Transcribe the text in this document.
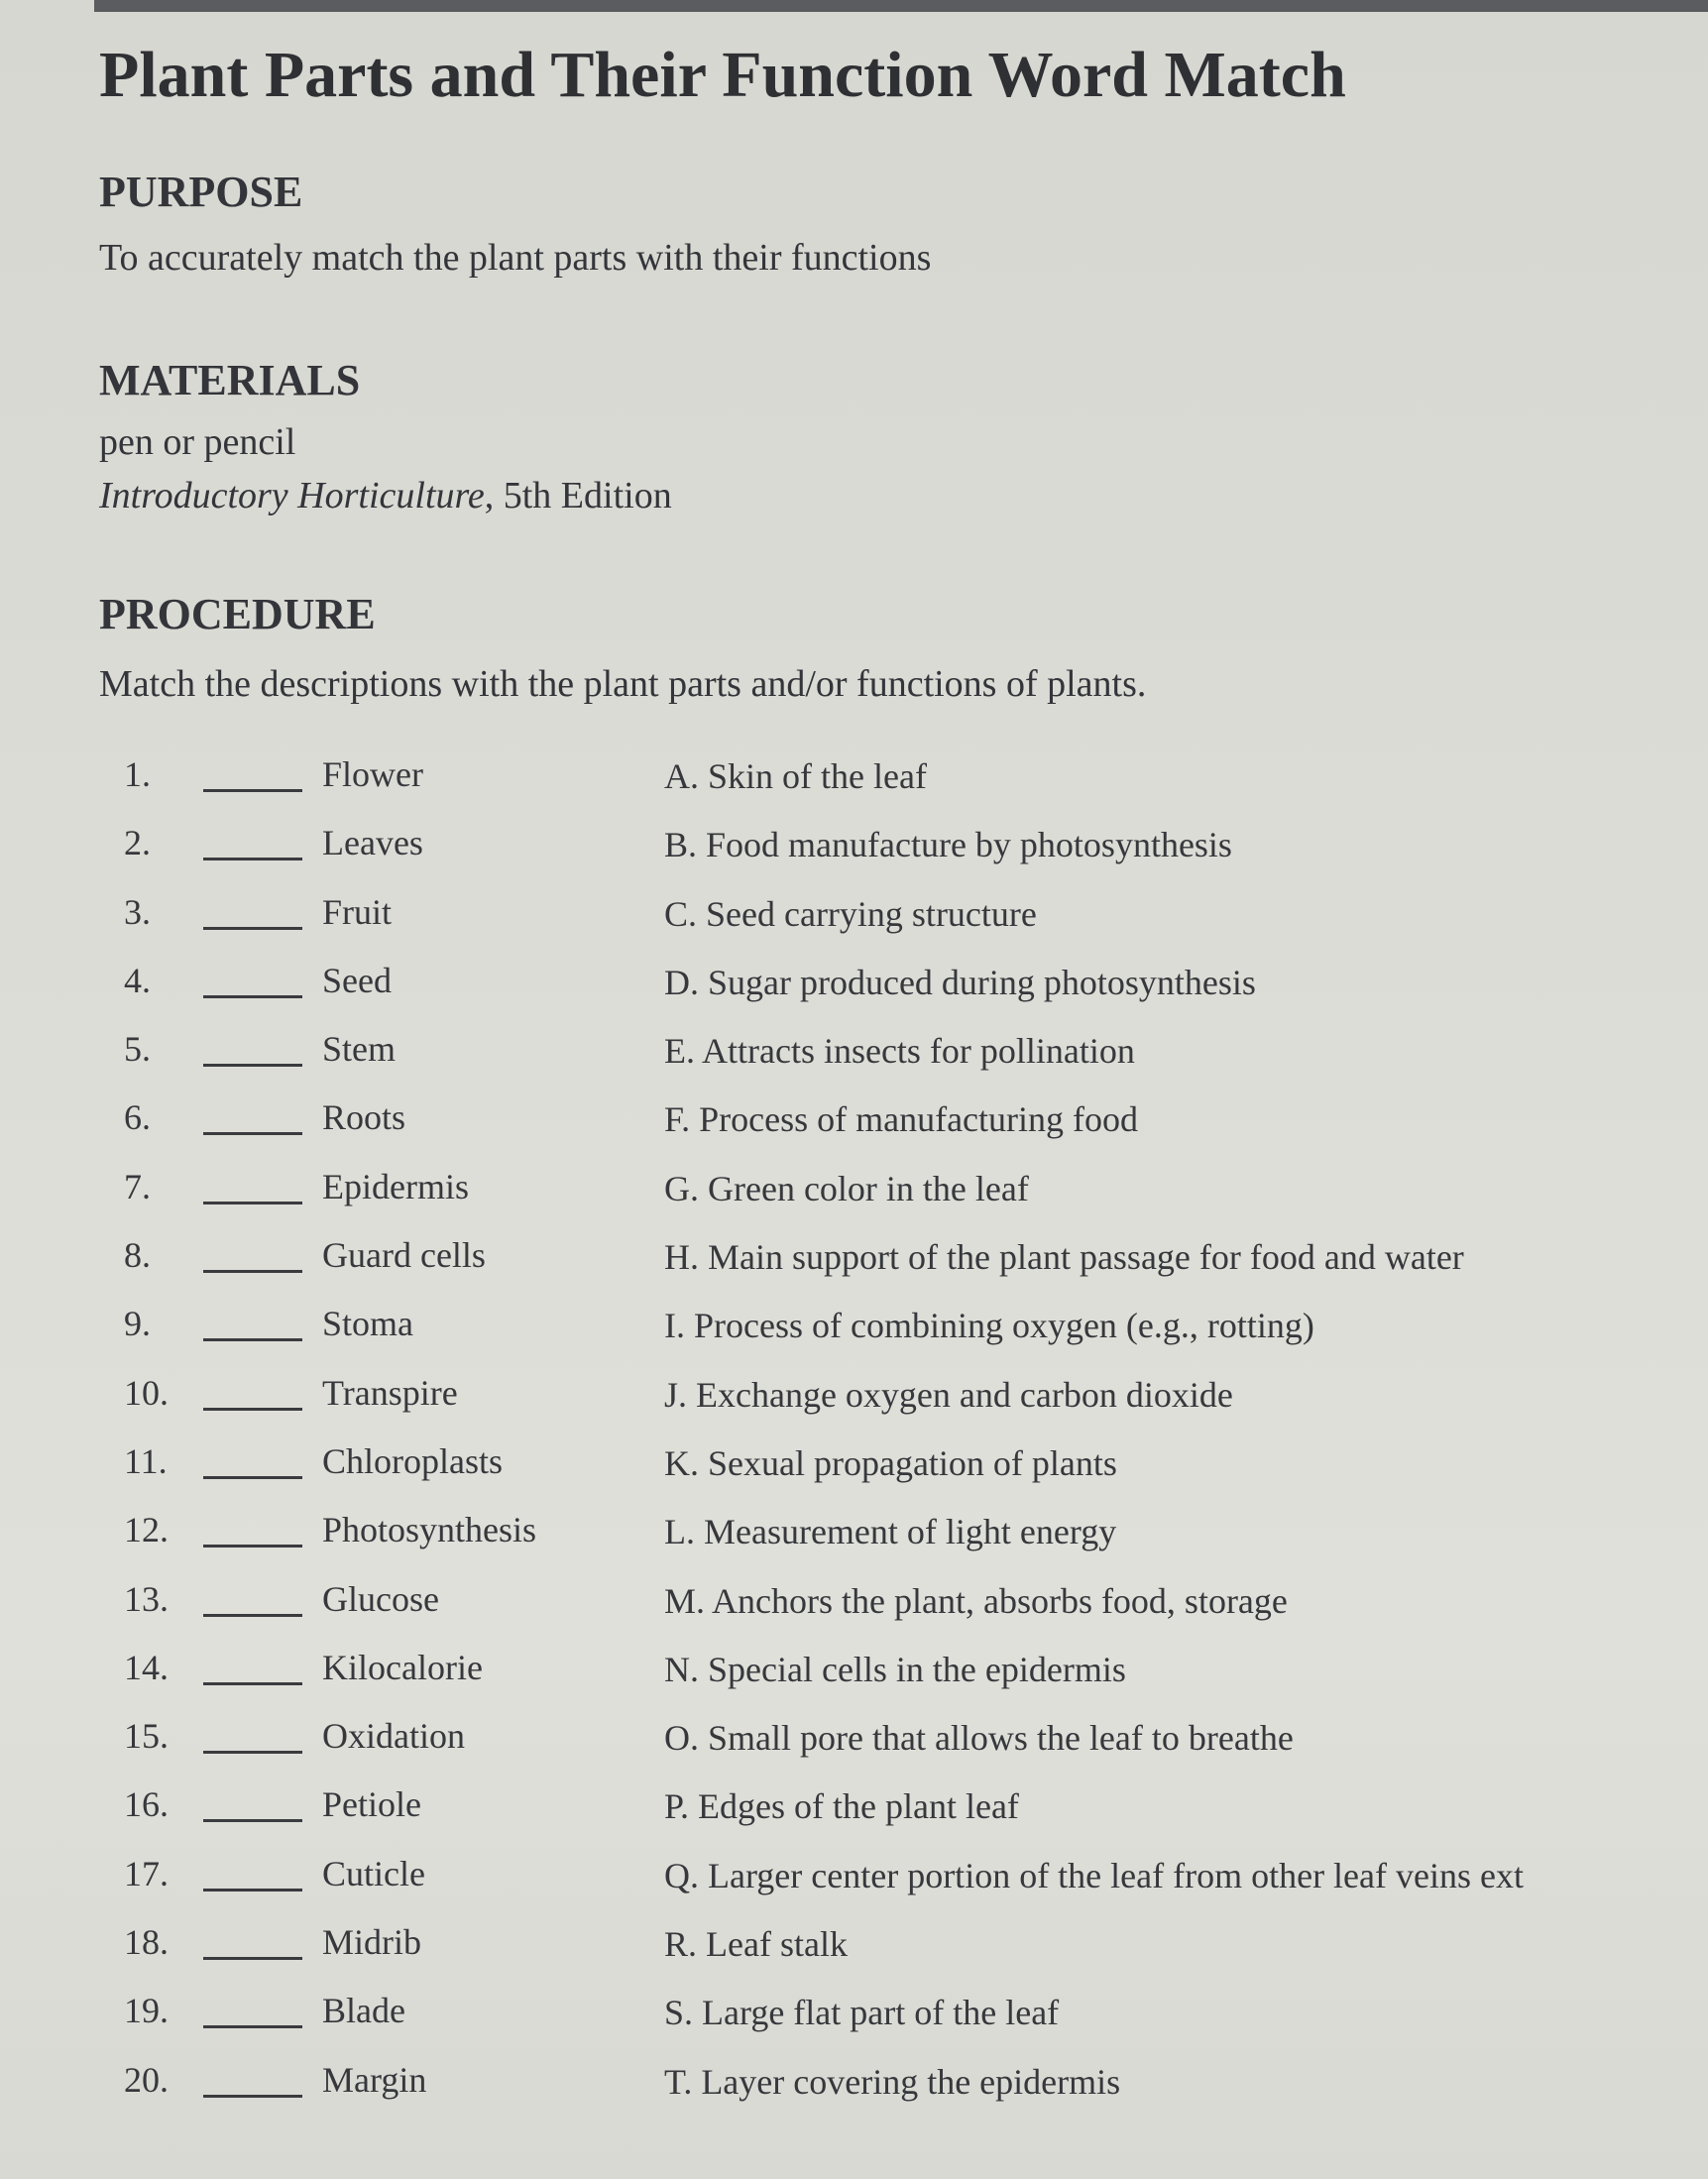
Plant Parts and Their Function Word Match
PURPOSE
To accurately match the plant parts with their functions
MATERIALS
pen or pencil
Introductory Horticulture, 5th Edition
PROCEDURE
Match the descriptions with the plant parts and/or functions of plants.
1.	Flower	A. Skin of the leaf
2.	Leaves	B. Food manufacture by photosynthesis
3.	Fruit	C. Seed carrying structure
4.	Seed	D. Sugar produced during photosynthesis
5.	Stem	E. Attracts insects for pollination
6.	Roots	F. Process of manufacturing food
7.	Epidermis	G. Green color in the leaf
8.	Guard cells	H. Main support of the plant passage for food and water
9.	Stoma	I. Process of combining oxygen (e.g., rotting)
10.	Transpire	J. Exchange oxygen and carbon dioxide
11.	Chloroplasts	K. Sexual propagation of plants
12.	Photosynthesis	L. Measurement of light energy
13.	Glucose	M. Anchors the plant, absorbs food, storage
14.	Kilocalorie	N. Special cells in the epidermis
15.	Oxidation	O. Small pore that allows the leaf to breathe
16.	Petiole	P. Edges of the plant leaf
17.	Cuticle	Q. Larger center portion of the leaf from other leaf veins ext
18.	Midrib	R. Leaf stalk
19.	Blade	S. Large flat part of the leaf
20.	Margin	T. Layer covering the epidermis
